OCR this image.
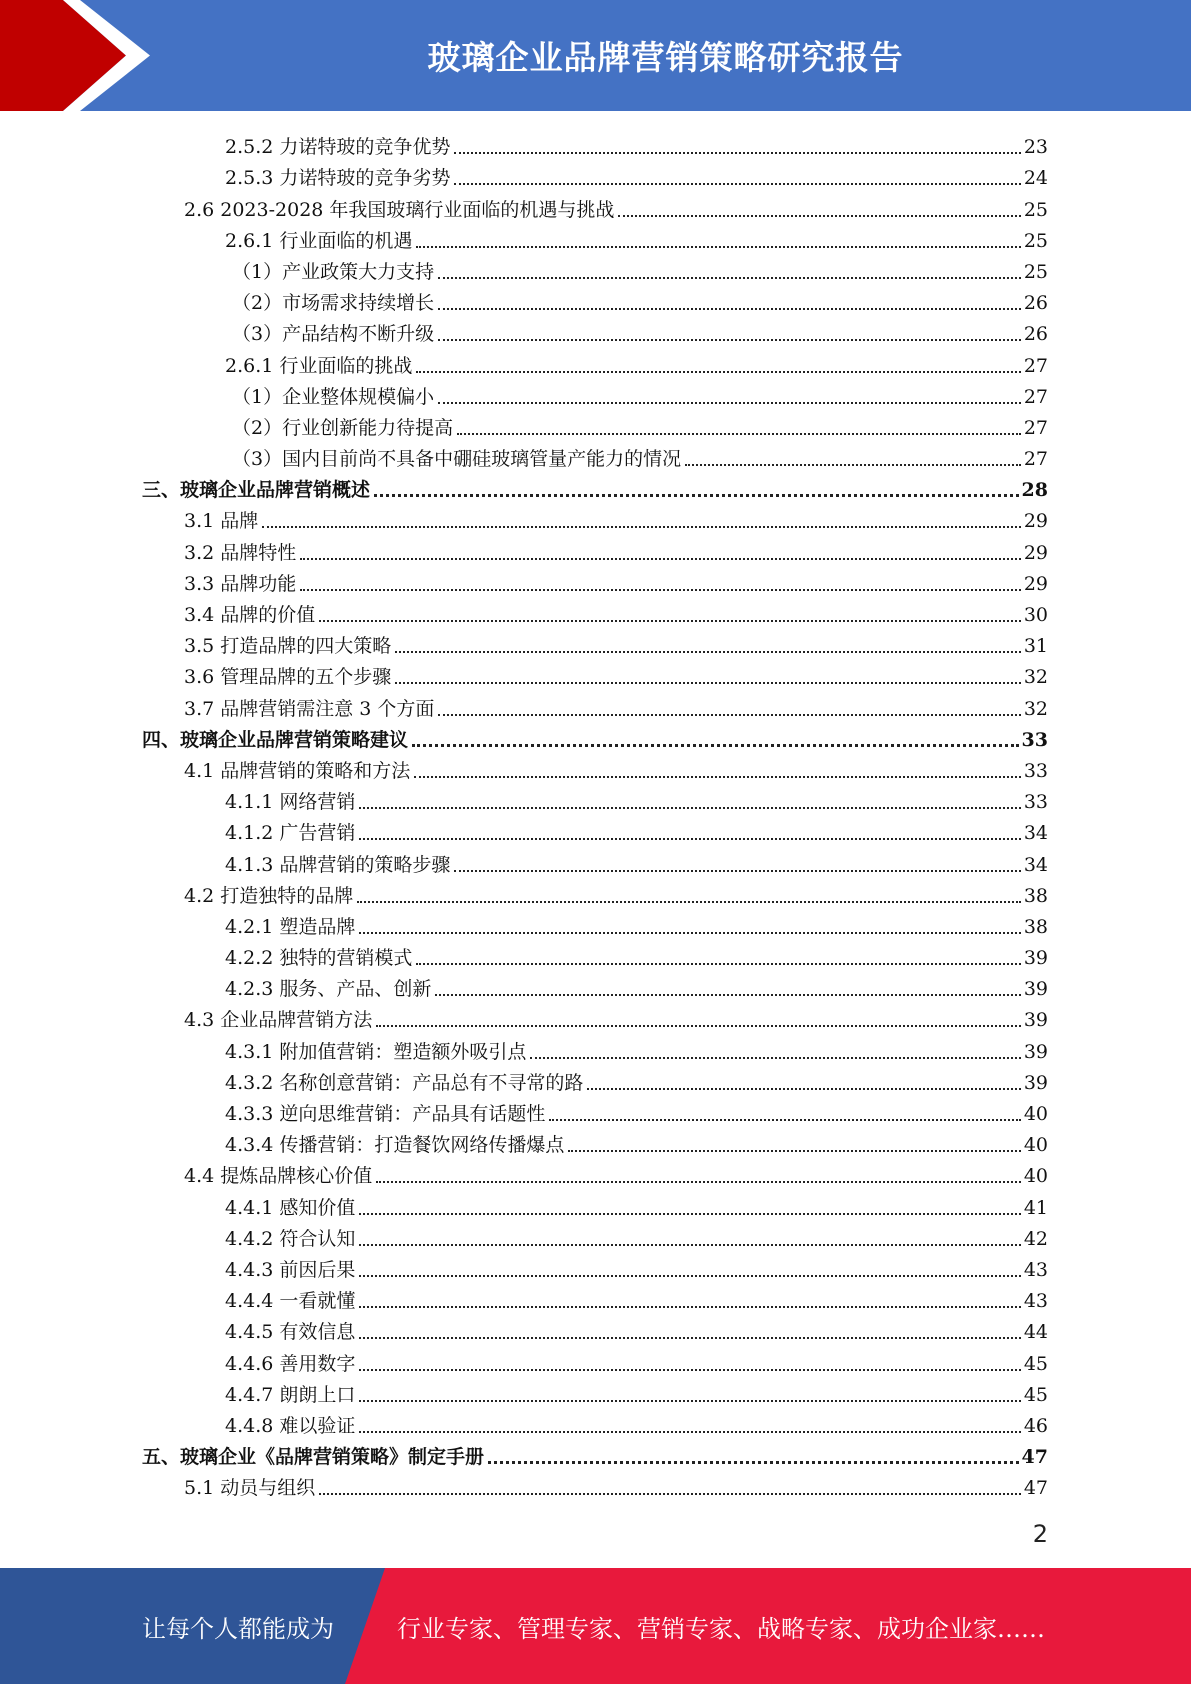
玻璃企业品牌营销策略研究报告
2.5.2 力诺特玻的竞争优势	23
2.5.3 力诺特玻的竞争劣势	24
2.6 2023-2028 年我国玻璃行业面临的机遇与挑战	25
2.6.1 行业面临的机遇	25
（1）产业政策大力支持	25
（2）市场需求持续增长	26
（3）产品结构不断升级	26
2.6.1 行业面临的挑战	27
（1）企业整体规模偏小	27
（2）行业创新能力待提高	27
（3）国内目前尚不具备中硼硅玻璃管量产能力的情况	27
三、玻璃企业品牌营销概述	28
3.1 品牌	29
3.2 品牌特性	29
3.3 品牌功能	29
3.4 品牌的价值	30
3.5 打造品牌的四大策略	31
3.6 管理品牌的五个步骤	32
3.7 品牌营销需注意 3 个方面	32
四、玻璃企业品牌营销策略建议	33
4.1 品牌营销的策略和方法	33
4.1.1 网络营销	33
4.1.2 广告营销	34
4.1.3 品牌营销的策略步骤	34
4.2 打造独特的品牌	38
4.2.1 塑造品牌	38
4.2.2 独特的营销模式	39
4.2.3 服务、产品、创新	39
4.3 企业品牌营销方法	39
4.3.1 附加值营销：塑造额外吸引点	39
4.3.2 名称创意营销：产品总有不寻常的路	39
4.3.3 逆向思维营销：产品具有话题性	40
4.3.4 传播营销：打造餐饮网络传播爆点	40
4.4 提炼品牌核心价值	40
4.4.1 感知价值	41
4.4.2 符合认知	42
4.4.3 前因后果	43
4.4.4 一看就懂	43
4.4.5 有效信息	44
4.4.6 善用数字	45
4.4.7 朗朗上口	45
4.4.8 难以验证	46
五、玻璃企业《品牌营销策略》制定手册	47
5.1 动员与组织	47
2
让每个人都能成为	行业专家、管理专家、营销专家、战略专家、成功企业家……
